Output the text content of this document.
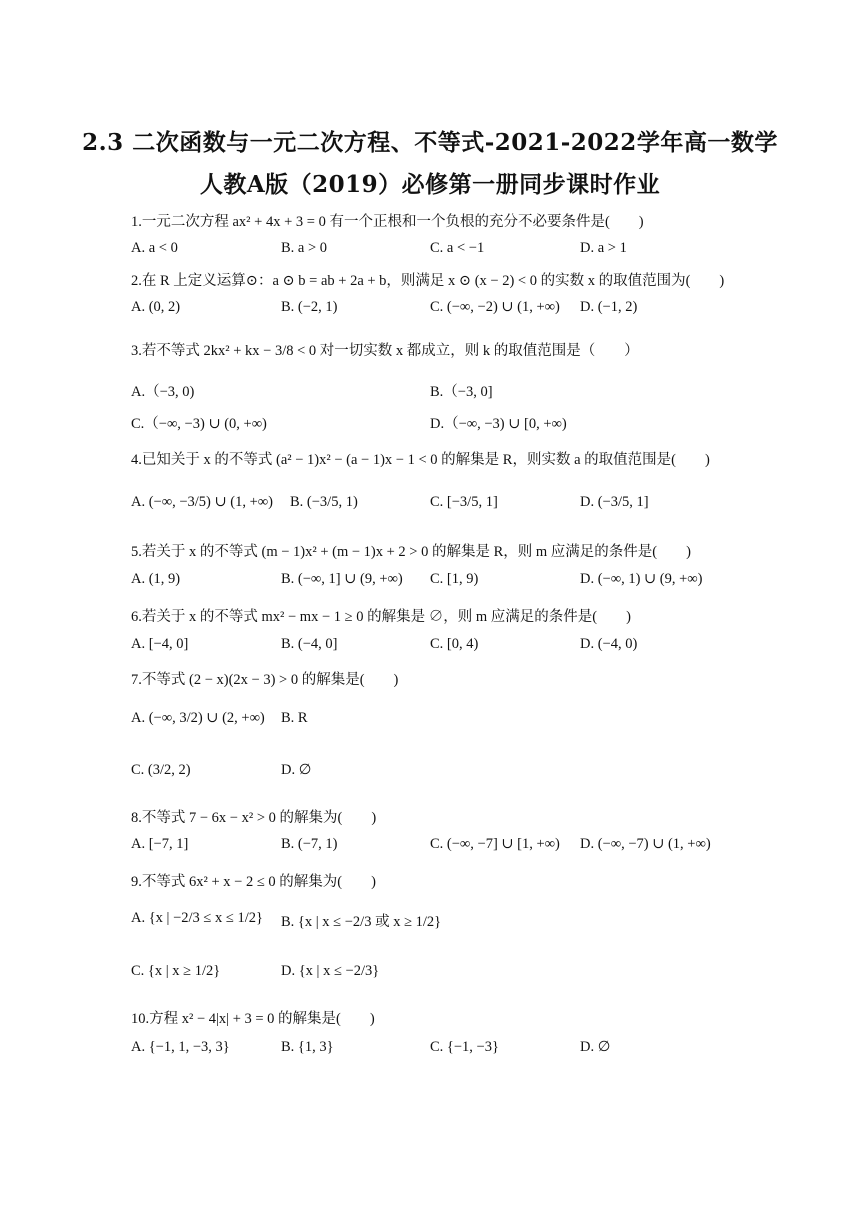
2.3 二次函数与一元二次方程、不等式-2021-2022学年高一数学
人教A版（2019）必修第一册同步课时作业
1.一元二次方程 ax² + 4x + 3 = 0 有一个正根和一个负根的充分不必要条件是(　　)
A. a < 0	B. a > 0	C. a < −1	D. a > 1
2.在 R 上定义运算⊙：a ⊙ b = ab + 2a + b，则满足 x ⊙ (x − 2) < 0 的实数 x 的取值范围为(　　)
A. (0, 2)	B. (−2, 1)	C. (−∞, −2) ∪ (1, +∞) D. (−1, 2)
3.若不等式 2kx² + kx − 3/8 < 0 对一切实数 x 都成立，则 k 的取值范围是（　　）
A.（−3, 0)	B.（−3, 0]
C.（−∞, −3) ∪ (0, +∞)	D.（−∞, −3) ∪ [0, +∞)
4.已知关于 x 的不等式 (a² − 1)x² − (a − 1)x − 1 < 0 的解集是 R，则实数 a 的取值范围是(　　)
A. (−∞, −3/5) ∪ (1, +∞) B. (−3/5, 1)	C. [−3/5, 1]	D. (−3/5, 1]
5.若关于 x 的不等式 (m − 1)x² + (m − 1)x + 2 > 0 的解集是 R，则 m 应满足的条件是(　　)
A. (1, 9)	B. (−∞, 1] ∪ (9, +∞) C. [1, 9)	D. (−∞, 1) ∪ (9, +∞)
6.若关于 x 的不等式 mx² − mx − 1 ≥ 0 的解集是 ∅，则 m 应满足的条件是(　　)
A. [−4, 0]	B. (−4, 0]	C. [0, 4)	D. (−4, 0)
7.不等式 (2 − x)(2x − 3) > 0 的解集是(　　)
A. (−∞, 3/2) ∪ (2, +∞) B. R
C. (3/2, 2)	D. ∅
8.不等式 7 − 6x − x² > 0 的解集为(　　)
A. [−7, 1]	B. (−7, 1)	C. (−∞, −7] ∪ [1, +∞) D. (−∞, −7) ∪ (1, +∞)
9.不等式 6x² + x − 2 ≤ 0 的解集为(　　)
A. {x | −2/3 ≤ x ≤ 1/2} B. {x | x ≤ −2/3 或 x ≥ 1/2}
C. {x | x ≥ 1/2}	D. {x | x ≤ −2/3}
10.方程 x² − 4|x| + 3 = 0 的解集是(　　)
A. {−1, 1, −3, 3}	B. {1, 3}	C. {−1, −3}	D. ∅
